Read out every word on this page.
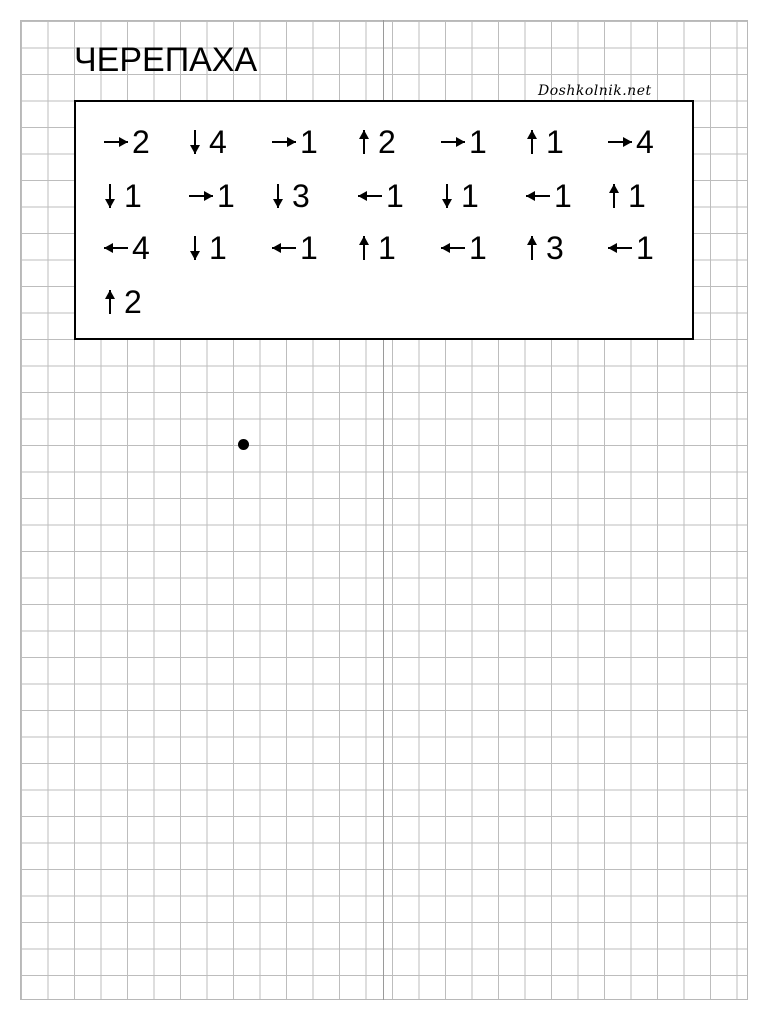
ЧЕРЕПАХА
Doshkolnik.net
2 4 1 2 1 1 4
1 1 3 1 1 1 1
4 1 1 1 1 3 1
2
